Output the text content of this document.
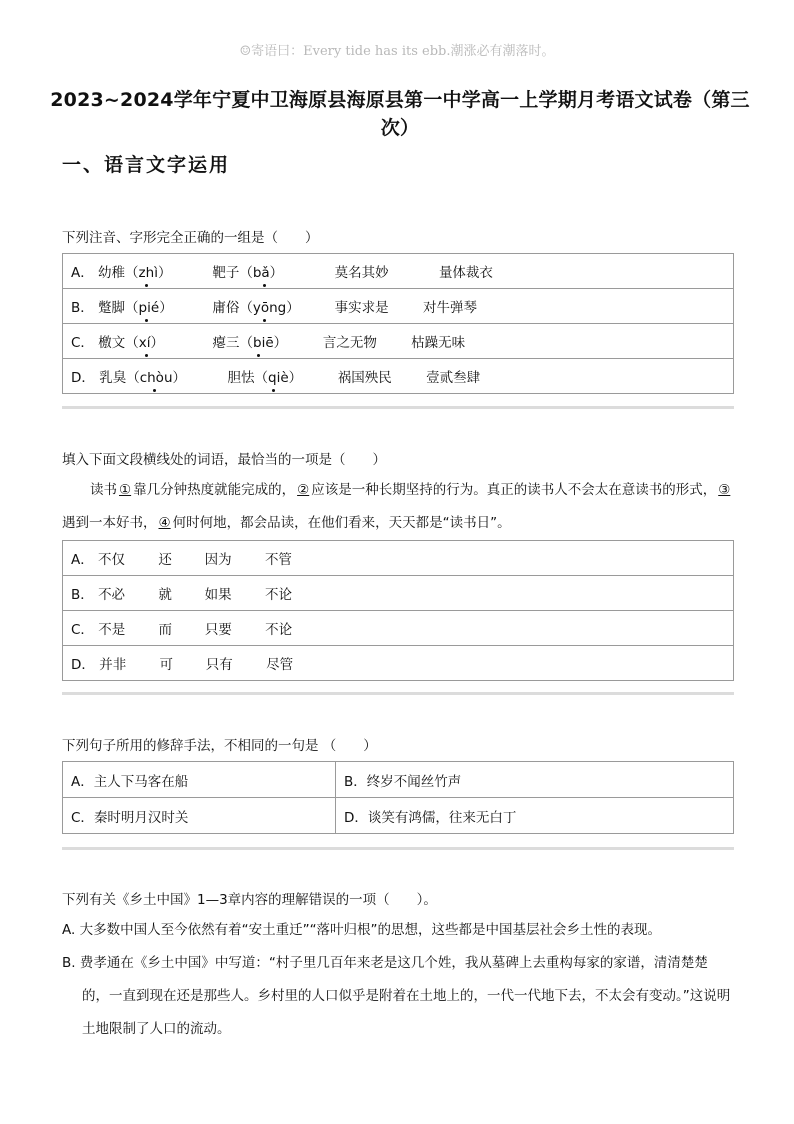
☺寄语曰：Every tide has its ebb.潮涨必有潮落时。
2023~2024学年宁夏中卫海原县海原县第一中学高一上学期月考语文试卷（第三次）
一、语言文字运用
下列注音、字形完全正确的一组是（　　）
A． 幼稚（zhì）	靶子（bǎ）	莫名其妙	量体裁衣
B． 蹩脚（pié）	庸俗（yōng）	事实求是	对牛弹琴
C． 檄文（xí）	瘪三（biē）	言之无物	枯躁无味
D． 乳臭（chòu）	胆怯（qiè）	祸国殃民	壹贰叁肆
填入下面文段横线处的词语，最恰当的一项是（　　）
读书 ① 靠几分钟热度就能完成的， ② 应该是一种长期坚持的行为。真正的读书人不会太在意读书的形式， ③遇到一本好书， ④ 何时何地，都会品读，在他们看来，天天都是“读书日”。
A． 不仅 还 因为 不管
B． 不必 就 如果 不论
C． 不是 而 只要 不论
D． 并非 可 只有 尽管
下列句子所用的修辞手法，不相同的一句是 （　　）
A．主人下马客在船	B．终岁不闻丝竹声
C．秦时明月汉时关	D．谈笑有鸿儒，往来无白丁
下列有关《乡土中国》1—3章内容的理解错误的一项（　　）。
A. 大多数中国人至今依然有着“安土重迁”“落叶归根”的思想，这些都是中国基层社会乡土性的表现。
B. 费孝通在《乡土中国》中写道：“村子里几百年来老是这几个姓，我从墓碑上去重构每家的家谱，清清楚楚的，一直到现在还是那些人。乡村里的人口似乎是附着在土地上的，一代一代地下去，不太会有变动。”这说明土地限制了人口的流动。
